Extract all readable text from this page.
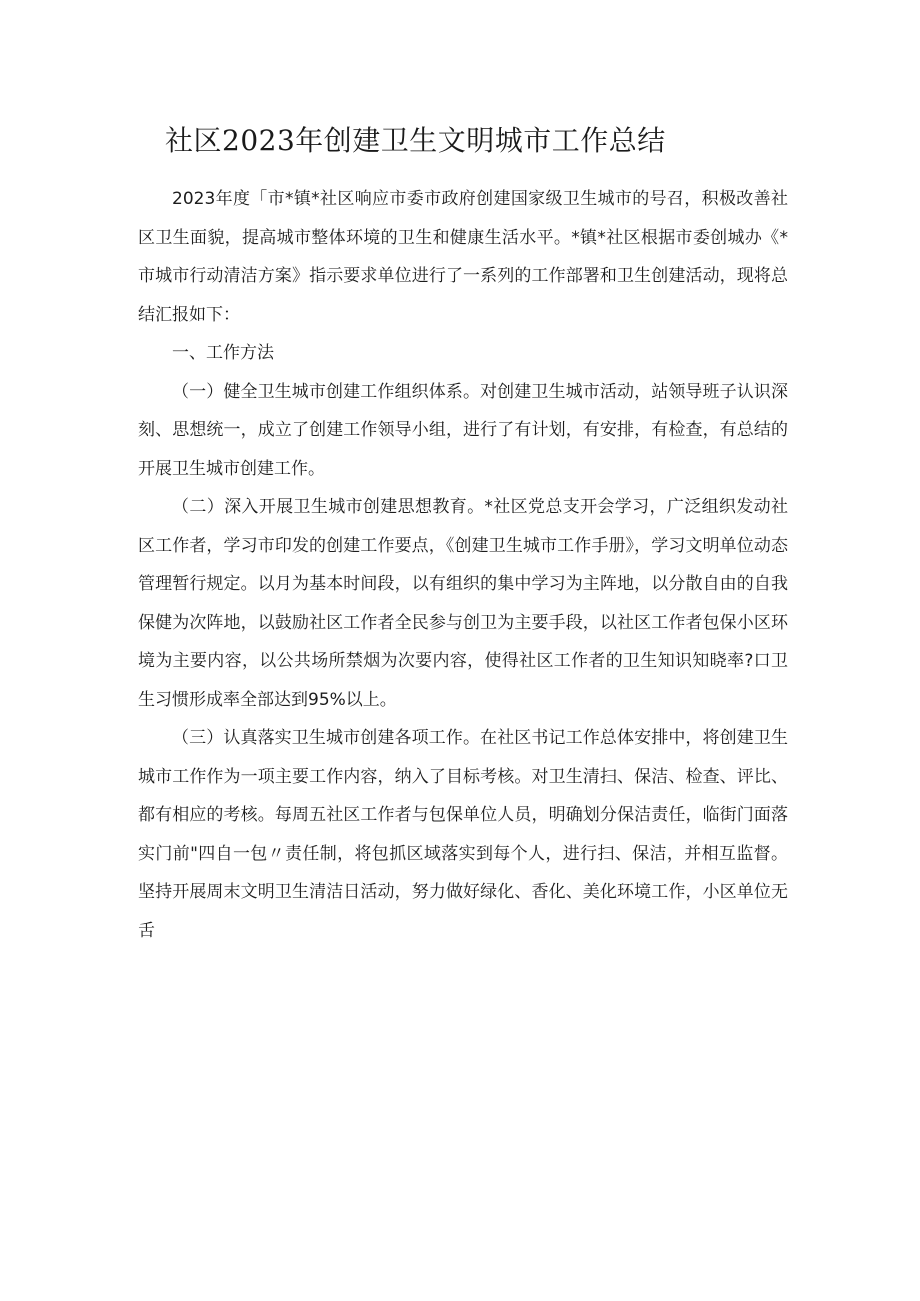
社区2023年创建卫生文明城市工作总结

2023年度「市*镇*社区响应市委市政府创建国家级卫生城市的号召，积极改善社区卫生面貌，提高城市整体环境的卫生和健康生活水平。*镇*社区根据市委创城办《*市城市行动清洁方案》指示要求单位进行了一系列的工作部署和卫生创建活动，现将总结汇报如下：

一、工作方法

（一）健全卫生城市创建工作组织体系。对创建卫生城市活动，站领导班子认识深刻、思想统一，成立了创建工作领导小组，进行了有计划，有安排，有检查，有总结的开展卫生城市创建工作。

（二）深入开展卫生城市创建思想教育。*社区党总支开会学习，广泛组织发动社区工作者，学习市印发的创建工作要点，《创建卫生城市工作手册》，学习文明单位动态管理暂行规定。以月为基本时间段，以有组织的集中学习为主阵地，以分散自由的自我保健为次阵地，以鼓励社区工作者全民参与创卫为主要手段，以社区工作者包保小区环境为主要内容，以公共场所禁烟为次要内容，使得社区工作者的卫生知识知晓率?口卫生习惯形成率全部达到95%以上。

（三）认真落实卫生城市创建各项工作。在社区书记工作总体安排中，将创建卫生城市工作作为一项主要工作内容，纳入了目标考核。对卫生清扫、保洁、检查、评比、都有相应的考核。每周五社区工作者与包保单位人员，明确划分保洁责任，临街门面落实门前"四自一包〃责任制，将包抓区域落实到每个人，进行扫、保洁，并相互监督。坚持开展周末文明卫生清洁日活动，努力做好绿化、香化、美化环境工作，小区单位无舌
